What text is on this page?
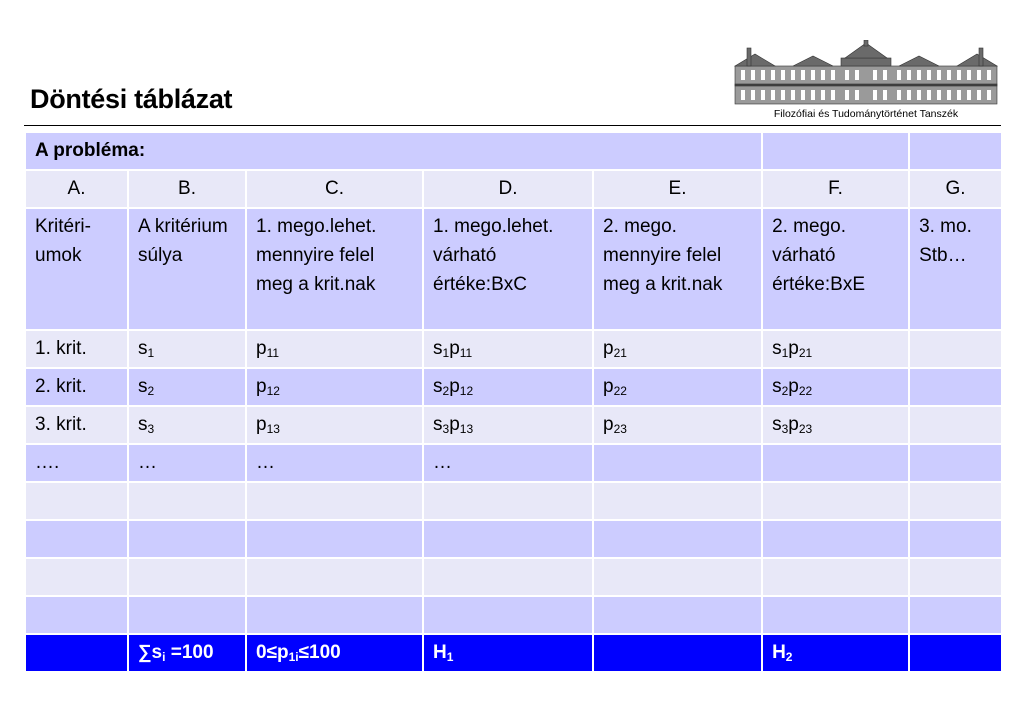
Döntési táblázat	Filozófiai és Tudománytörténet Tanszék
A probléma:						
A.	B.	C.	D.	E.	F.	G.
Kritéri-umok	A kritérium súlya	1. mego.lehet. mennyire felel meg a krit.nak	1. mego.lehet. várható értéke:BxC	2. mego. mennyire felel meg a krit.nak	2. mego. várható értéke:BxE	3. mo. Stb…
1. krit.	$s_1$	$p_{11}$	$s_1p_{11}$	$p_{21}$	$s_1p_{21}$	
2. krit.	$s_2$	$p_{12}$	$s_2p_{12}$	$p_{22}$	$s_2p_{22}$	
3. krit.	$s_3$	$p_{13}$	$s_3p_{13}$	$p_{23}$	$s_3p_{23}$	
….	…	…	…			

	$\sum s_i =100$	$0\le p_{1i}\le 100$	$H_1$		$H_2$	
